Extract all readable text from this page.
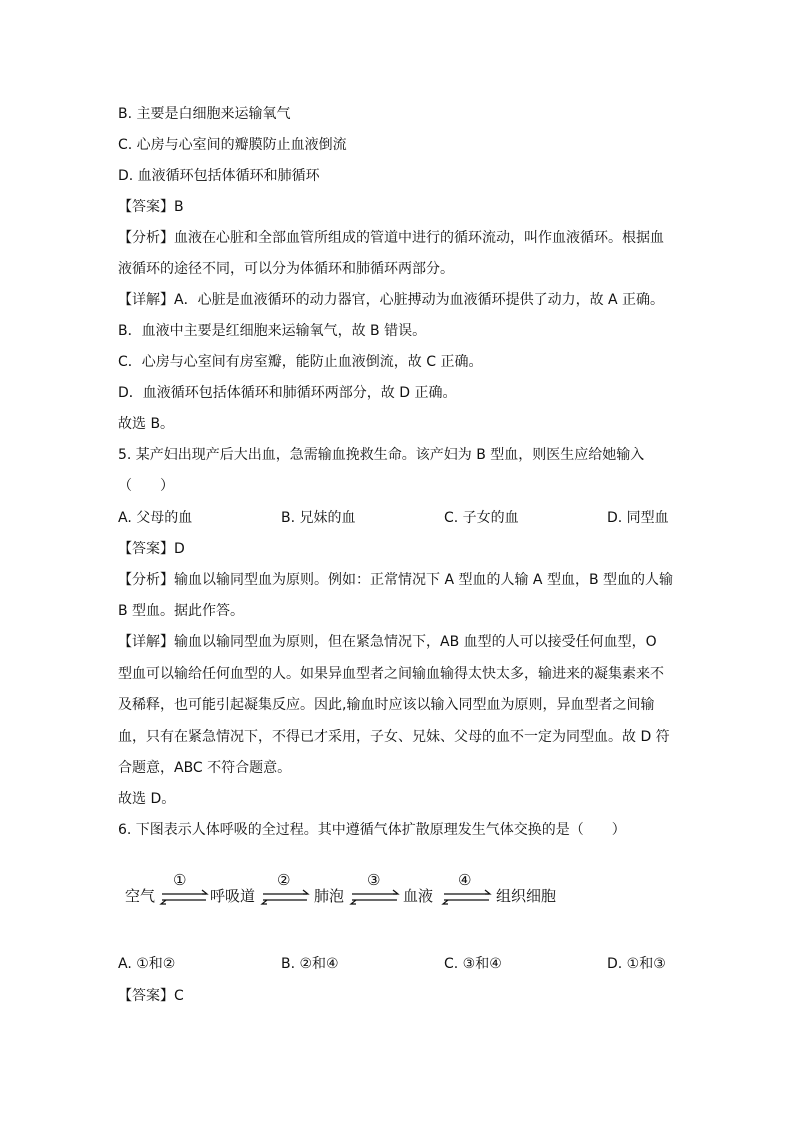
B. 主要是白细胞来运输氧气
C. 心房与心室间的瓣膜防止血液倒流
D. 血液循环包括体循环和肺循环
【答案】B
【分析】血液在心脏和全部血管所组成的管道中进行的循环流动，叫作血液循环。根据血
液循环的途径不同，可以分为体循环和肺循环两部分。
【详解】A．心脏是血液循环的动力器官，心脏搏动为血液循环提供了动力，故 A 正确。
B．血液中主要是红细胞来运输氧气，故 B 错误。
C．心房与心室间有房室瓣，能防止血液倒流，故 C 正确。
D．血液循环包括体循环和肺循环两部分，故 D 正确。
故选 B。
5. 某产妇出现产后大出血，急需输血挽救生命。该产妇为 B 型血，则医生应给她输入
（　　）
A. 父母的血	B. 兄妹的血	C. 子女的血	D. 同型血
【答案】D
【分析】输血以输同型血为原则。例如：正常情况下 A 型血的人输 A 型血，B 型血的人输
B 型血。据此作答。
【详解】输血以输同型血为原则，但在紧急情况下，AB 血型的人可以接受任何血型，O
型血可以输给任何血型的人。如果异血型者之间输血输得太快太多，输进来的凝集素来不
及稀释，也可能引起凝集反应。因此,输血时应该以输入同型血为原则，异血型者之间输
血，只有在紧急情况下，不得已才采用，子女、兄妹、父母的血不一定为同型血。故 D 符
合题意，ABC 不符合题意。
故选 D。
6. 下图表示人体呼吸的全过程。其中遵循气体扩散原理发生气体交换的是（　　）
空气
①
呼吸道
②
肺泡
③
血液
④
组织细胞
A. ①和②	B. ②和④	C. ③和④	D. ①和③
【答案】C
